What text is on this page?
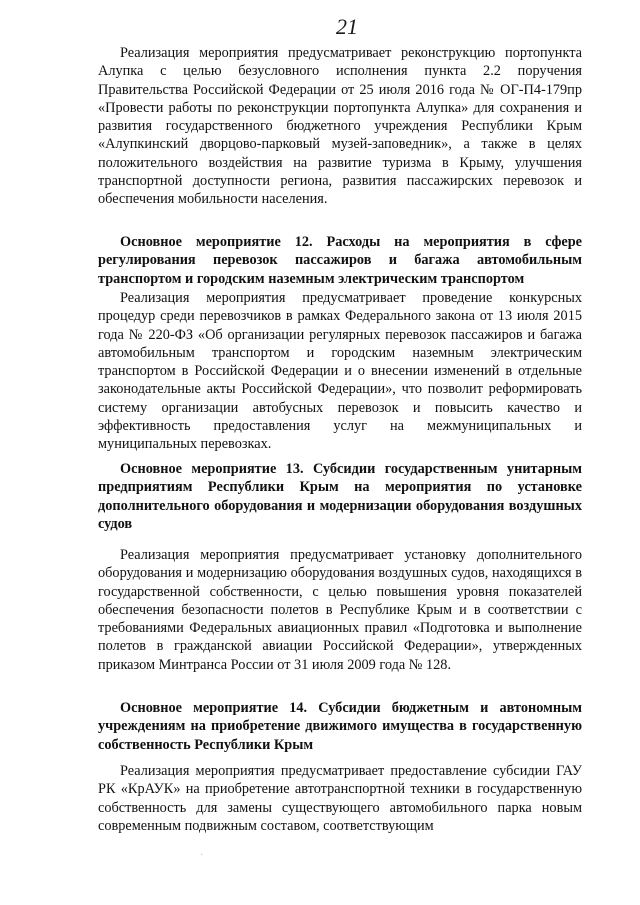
21

Реализация мероприятия предусматривает реконструкцию портопункта Алупка с целью безусловного исполнения пункта 2.2 поручения Правительства Российской Федерации от 25 июля 2016 года № ОГ-П4-179пр «Провести работы по реконструкции портопункта Алупка» для сохранения и развития государственного бюджетного учреждения Республики Крым «Алупкинский дворцово-парковый музей-заповедник», а также в целях положительного воздействия на развитие туризма в Крыму, улучшения транспортной доступности региона, развития пассажирских перевозок и обеспечения мобильности населения.

Основное мероприятие 12. Расходы на мероприятия в сфере регулирования перевозок пассажиров и багажа автомобильным транспортом и городским наземным электрическим транспортом

Реализация мероприятия предусматривает проведение конкурсных процедур среди перевозчиков в рамках Федерального закона от 13 июля 2015 года № 220-ФЗ «Об организации регулярных перевозок пассажиров и багажа автомобильным транспортом и городским наземным электрическим транспортом в Российской Федерации и о внесении изменений в отдельные законодательные акты Российской Федерации», что позволит реформировать систему организации автобусных перевозок и повысить качество и эффективность предоставления услуг на межмуниципальных и муниципальных перевозках.

Основное мероприятие 13. Субсидии государственным унитарным предприятиям Республики Крым на мероприятия по установке дополнительного оборудования и модернизации оборудования воздушных судов

Реализация мероприятия предусматривает установку дополнительного оборудования и модернизацию оборудования воздушных судов, находящихся в государственной собственности, с целью повышения уровня показателей обеспечения безопасности полетов в Республике Крым и в соответствии с требованиями Федеральных авиационных правил «Подготовка и выполнение полетов в гражданской авиации Российской Федерации», утвержденных приказом Минтранса России от 31 июля 2009 года № 128.

Основное мероприятие 14. Субсидии бюджетным и автономным учреждениям на приобретение движимого имущества в государственную собственность Республики Крым

Реализация мероприятия предусматривает предоставление субсидии ГАУ РК «КрАУК» на приобретение автотранспортной техники в государственную собственность для замены существующего автомобильного парка новым современным подвижным составом, соответствующим

·
